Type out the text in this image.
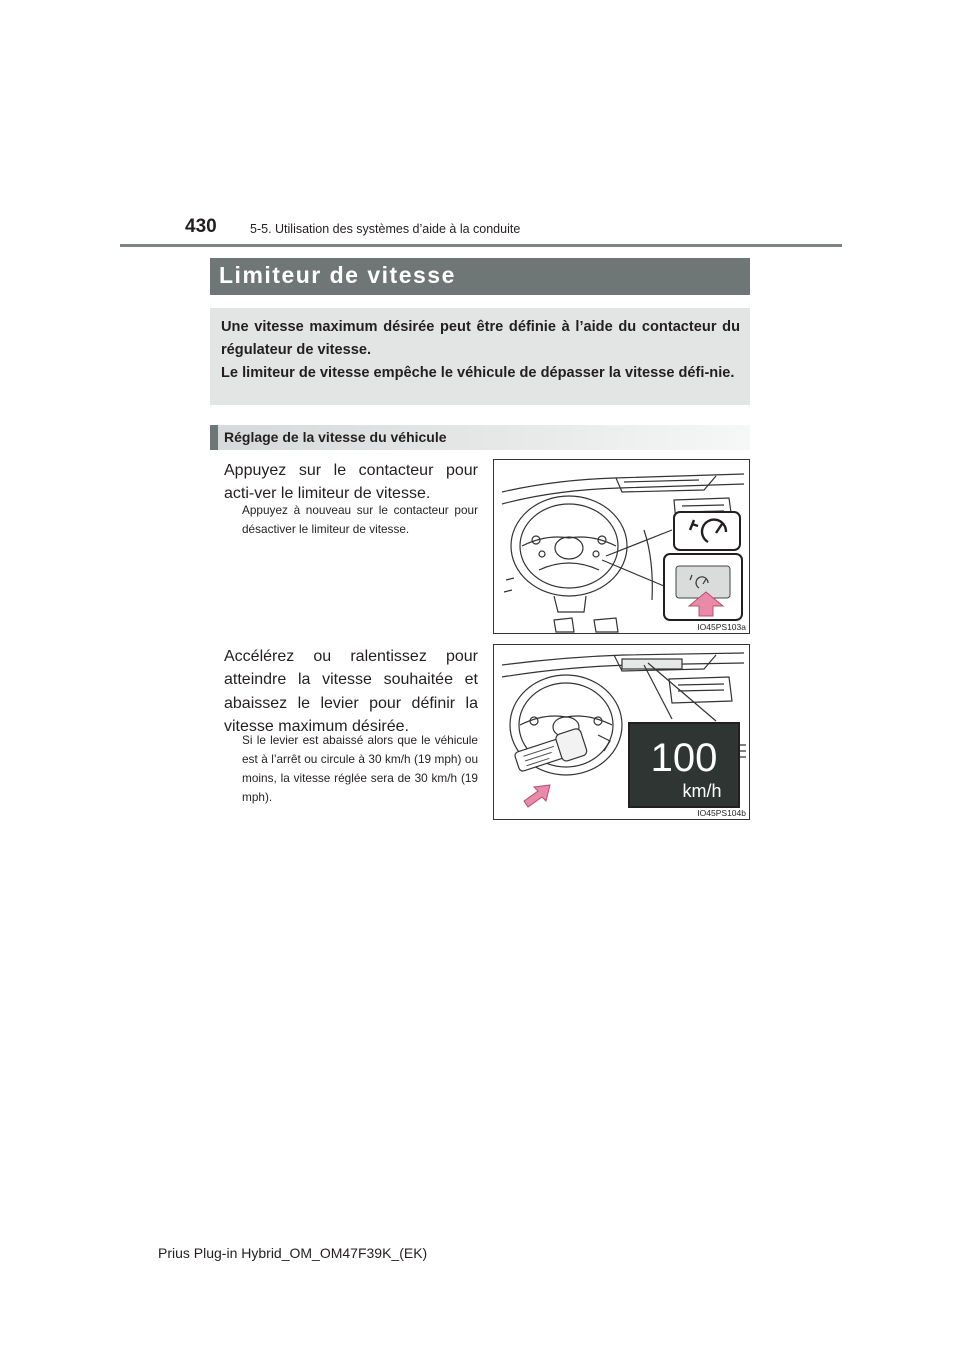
430	5-5. Utilisation des systèmes d’aide à la conduite
Limiteur de vitesse

Une vitesse maximum désirée peut être définie à l’aide du contacteur du régulateur de vitesse.

Le limiteur de vitesse empêche le véhicule de dépasser la vitesse défi-nie.

Réglage de la vitesse du véhicule
Appuyez sur le contacteur pour acti-ver le limiteur de vitesse.
Appuyez à nouveau sur le contacteur pour désactiver le limiteur de vitesse.
IO45PS103a
Accélérez ou ralentissez pour atteindre la vitesse souhaitée et abaissez le levier pour définir la vitesse maximum désirée.
Si le levier est abaissé alors que le véhicule est à l’arrêt ou circule à 30 km/h (19 mph) ou moins, la vitesse réglée sera de 30 km/h (19 mph).
100
km/h
IO45PS104b
Prius Plug-in Hybrid_OM_OM47F39K_(EK)
